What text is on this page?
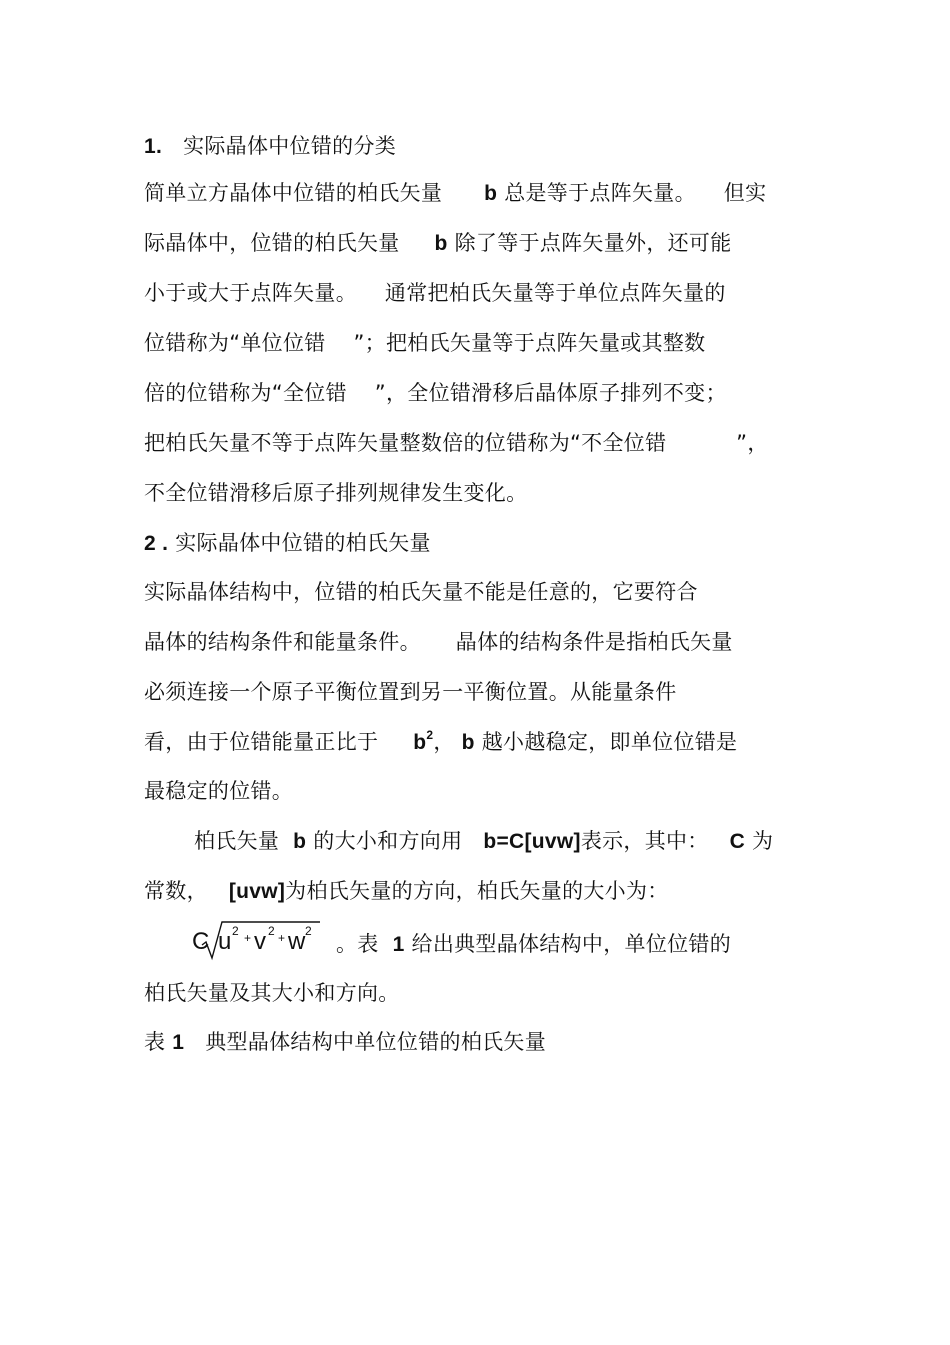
1. 实际晶体中位错的分类
简单立方晶体中位错的柏氏矢量 b 总是等于点阵矢量。 但实
际晶体中，位错的柏氏矢量 b 除了等于点阵矢量外，还可能
小于或大于点阵矢量。 通常把柏氏矢量等于单位点阵矢量的
位错称为“单位位错 ”；把柏氏矢量等于点阵矢量或其整数
倍的位错称为“全位错 ”，全位错滑移后晶体原子排列不变；
把柏氏矢量不等于点阵矢量整数倍的位错称为“不全位错	”，
不全位错滑移后原子排列规律发生变化。
2 . 实际晶体中位错的柏氏矢量
实际晶体结构中，位错的柏氏矢量不能是任意的，它要符合
晶体的结构条件和能量条件。 晶体的结构条件是指柏氏矢量
必须连接一个原子平衡位置到另一平衡位置。从能量条件
看，由于位错能量正比于 $b^2$， b 越小越稳定，即单位位错是
最稳定的位错。
柏氏矢量 b 的大小和方向用 b=C[uvw]表示，其中： C 为
常数， [uvw]为柏氏矢量的方向，柏氏矢量的大小为：
C u 2 + v 2 + w 2
。表 1 给出典型晶体结构中，单位位错的
柏氏矢量及其大小和方向。
表 1 典型晶体结构中单位位错的柏氏矢量
